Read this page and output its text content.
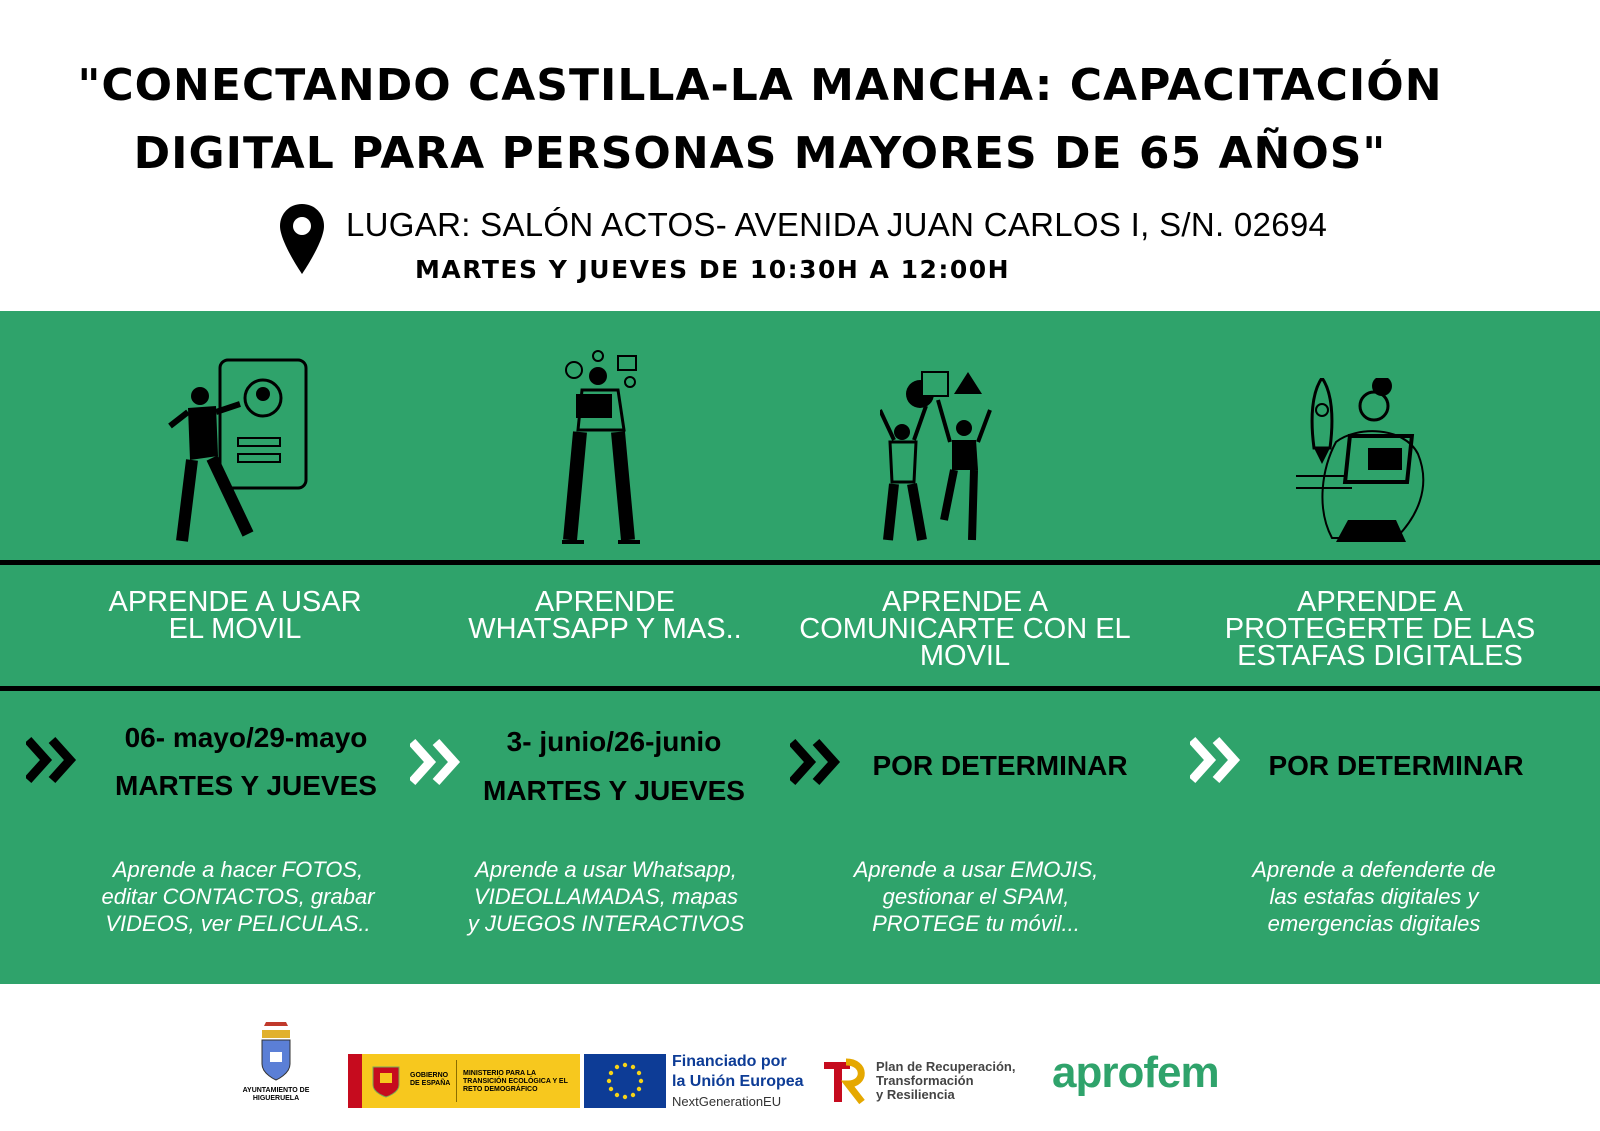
"CONECTANDO CASTILLA-LA MANCHA: CAPACITACIÓN
DIGITAL PARA PERSONAS MAYORES DE 65 AÑOS"
LUGAR: SALÓN ACTOS- AVENIDA JUAN CARLOS I, S/N. 02694
MARTES Y JUEVES DE 10:30H A 12:00H
APRENDE A USAR
EL MOVIL
APRENDE
WHATSAPP Y MAS..
APRENDE A
COMUNICARTE CON EL
MOVIL
APRENDE A
PROTEGERTE DE LAS
ESTAFAS DIGITALES
06- mayo/29-mayo
MARTES Y JUEVES
3- junio/26-junio
MARTES Y JUEVES
POR DETERMINAR	POR DETERMINAR
Aprende a hacer FOTOS,
editar CONTACTOS, grabar
VIDEOS, ver PELICULAS..
Aprende a usar Whatsapp,
VIDEOLLAMADAS, mapas
y JUEGOS INTERACTIVOS
Aprende a usar EMOJIS,
gestionar el SPAM,
PROTEGE tu móvil...
Aprende a defenderte de
las estafas digitales y
emergencias digitales
AYUNTAMIENTO DE HIGUERUELA
GOBIERNO DE ESPAÑA
MINISTERIO PARA LA TRANSICIÓN ECOLÓGICA Y EL RETO DEMOGRÁFICO
Financiado por
la Unión Europea
NextGenerationEU
Plan de Recuperación,
Transformación
y Resiliencia	aprofem
